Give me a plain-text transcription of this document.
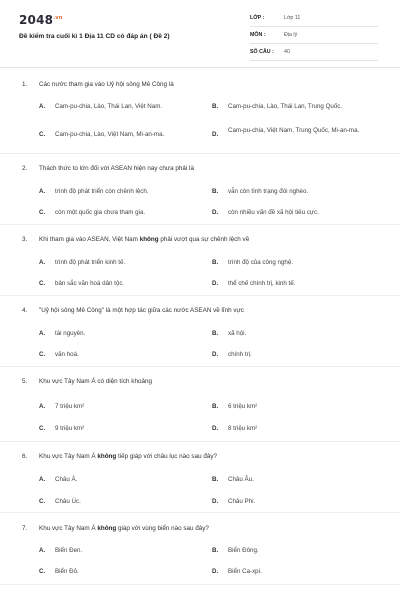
$2048^{.vn}$
Đề kiểm tra cuối kì 1 Địa 11 CD có đáp án ( Đề 2)
LỚP :	Lớp 11
MÔN :	Địa lý
SỐ CÂU :	40
1. Các nước tham gia vào Uỷ hội sông Mê Công là
A. Cam-pu-chia, Lào, Thái Lan, Việt Nam.	B. Cam-pu-chia, Lào, Thái Lan, Trung Quốc.
C. Cam-pu-chia, Lào, Việt Nam, Mi-an-ma.	D.
Cam-pu-chia, Việt Nam, Trung Quốc, Mi-an-ma.
2. Thách thức to lớn đối với ASEAN hiện nay chưa phải là
A. trình độ phát triển còn chênh lệch.	B. vẫn còn tình trạng đói nghèo.
C. còn một quốc gia chưa tham gia.	D. còn nhiều vấn đề xã hội tiêu cực.
3. Khi tham gia vào ASEAN, Việt Nam không phải vượt qua sự chênh lệch về
A. trình độ phát triển kinh tế.	B. trình độ của công nghệ.
C. bản sắc văn hoá dân tộc.	D. thể chế chính trị, kinh tế.
4. "Uỷ hội sông Mê Công" là một hợp tác giữa các nước ASEAN về lĩnh vực
A. tài nguyên.	B. xã hội.
C. văn hoá.	D. chính trị.
5. Khu vực Tây Nam Á có diện tích khoảng
A. 7 triệu km²	B. 6 triệu km²
C. 9 triệu km²	D. 8 triệu km²
6. Khu vực Tây Nam Á không tiếp giáp với châu lục nào sau đây?
A. Châu Á.	B. Châu Âu.
C. Châu Úc.	D. Châu Phi.
7. Khu vực Tây Nam Á không giáp với vùng biển nào sau đây?
A. Biển Đen.	B. Biển Đông.
C. Biển Đỏ.	D. Biển Ca-xpi.
